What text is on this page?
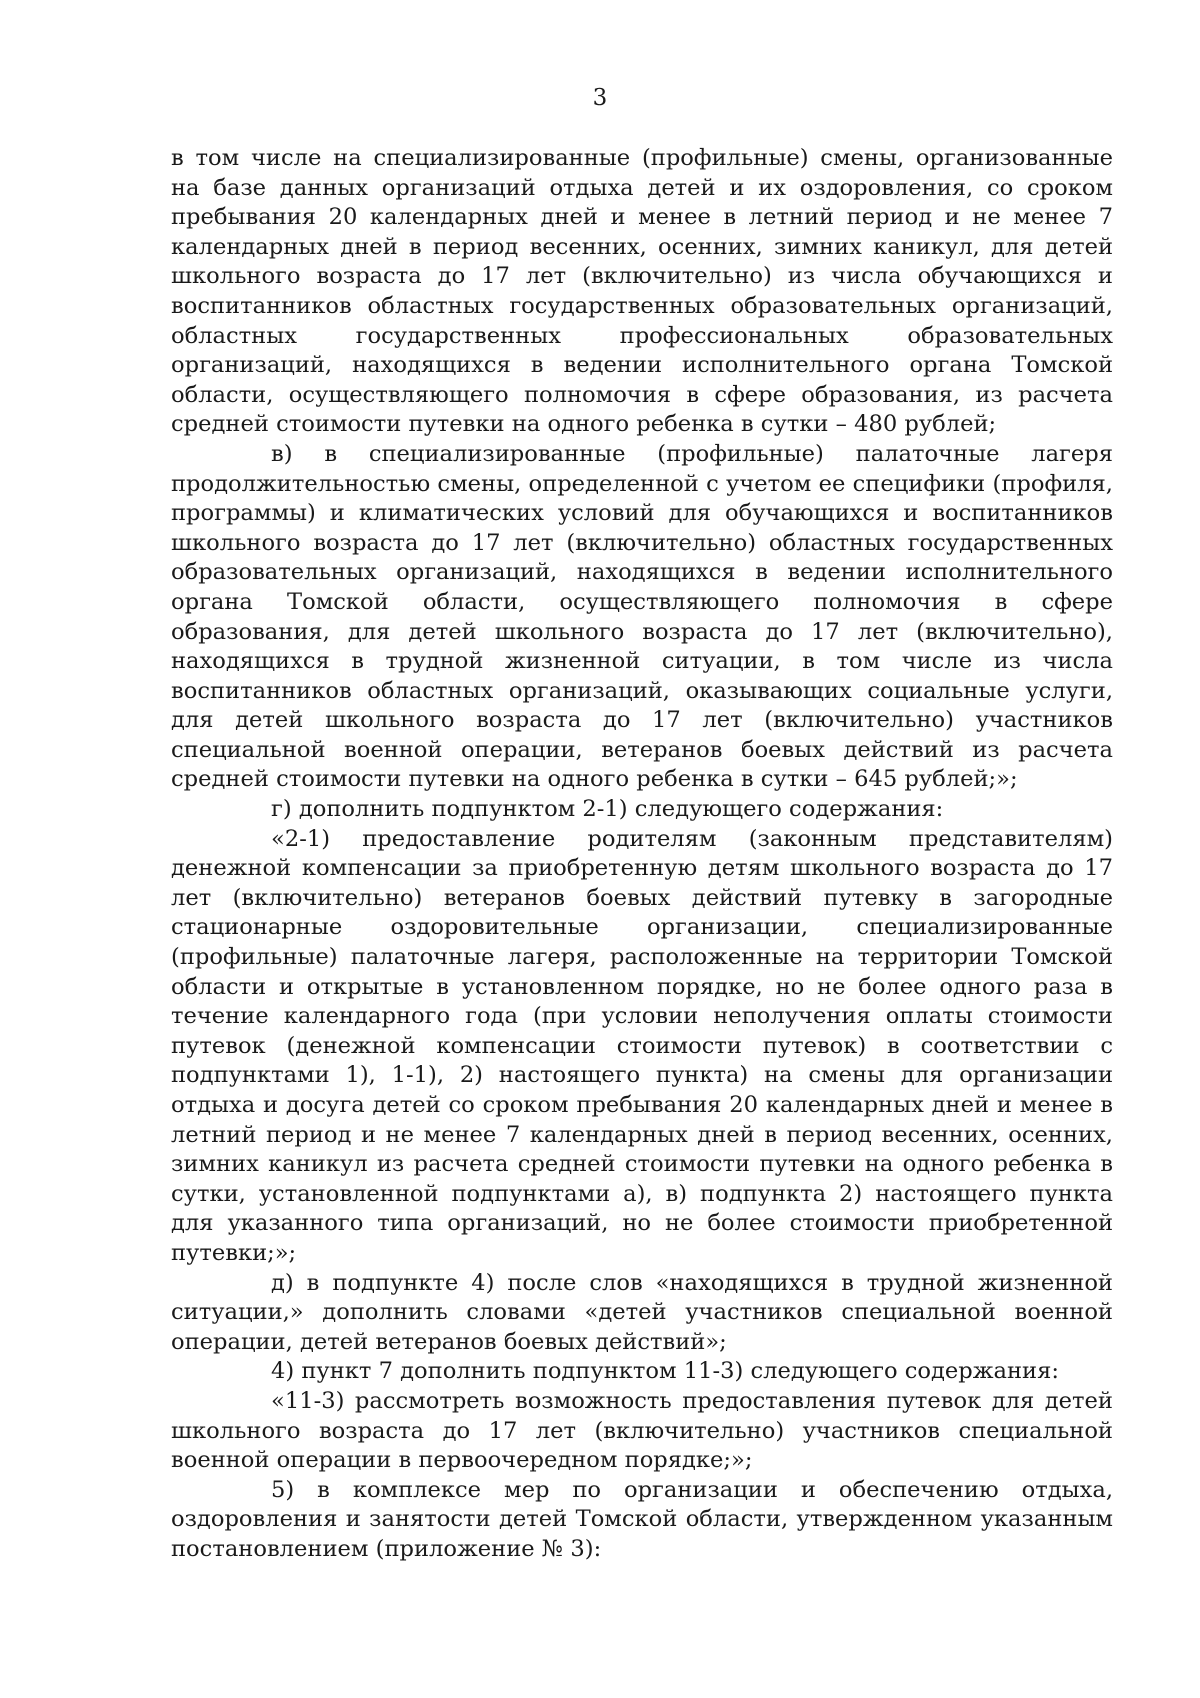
3

в том числе на специализированные (профильные) смены, организованные на базе данных организаций отдыха детей и их оздоровления, со сроком пребывания 20 календарных дней и менее в летний период и не менее 7 календарных дней в период весенних, осенних, зимних каникул, для детей школьного возраста до 17 лет (включительно) из числа обучающихся и воспитанников областных государственных образовательных организаций, областных государственных профессиональных образовательных организаций, находящихся в ведении исполнительного органа Томской области, осуществляющего полномочия в сфере образования, из расчета средней стоимости путевки на одного ребенка в сутки – 480 рублей;

в) в специализированные (профильные) палаточные лагеря продолжительностью смены, определенной с учетом ее специфики (профиля, программы) и климатических условий для обучающихся и воспитанников школьного возраста до 17 лет (включительно) областных государственных образовательных организаций, находящихся в ведении исполнительного органа Томской области, осуществляющего полномочия в сфере образования, для детей школьного возраста до 17 лет (включительно), находящихся в трудной жизненной ситуации, в том числе из числа воспитанников областных организаций, оказывающих социальные услуги, для детей школьного возраста до 17 лет (включительно) участников специальной военной операции, ветеранов боевых действий из расчета средней стоимости путевки на одного ребенка в сутки – 645 рублей;»;

г) дополнить подпунктом 2-1) следующего содержания:

«2-1) предоставление родителям (законным представителям) денежной компенсации за приобретенную детям школьного возраста до 17 лет (включительно) ветеранов боевых действий путевку в загородные стационарные оздоровительные организации, специализированные (профильные) палаточные лагеря, расположенные на территории Томской области и открытые в установленном порядке, но не более одного раза в течение календарного года (при условии неполучения оплаты стоимости путевок (денежной компенсации стоимости путевок) в соответствии с подпунктами 1), 1-1), 2) настоящего пункта) на смены для организации отдыха и досуга детей со сроком пребывания 20 календарных дней и менее в летний период и не менее 7 календарных дней в период весенних, осенних, зимних каникул из расчета средней стоимости путевки на одного ребенка в сутки, установленной подпунктами а), в) подпункта 2) настоящего пункта для указанного типа организаций, но не более стоимости приобретенной путевки;»;

д) в подпункте 4) после слов «находящихся в трудной жизненной ситуации,» дополнить словами «детей участников специальной военной операции, детей ветеранов боевых действий»;

4) пункт 7 дополнить подпунктом 11-3) следующего содержания:

«11-3) рассмотреть возможность предоставления путевок для детей школьного возраста до 17 лет (включительно) участников специальной военной операции в первоочередном порядке;»;

5) в комплексе мер по организации и обеспечению отдыха, оздоровления и занятости детей Томской области, утвержденном указанным постановлением (приложение № 3):
